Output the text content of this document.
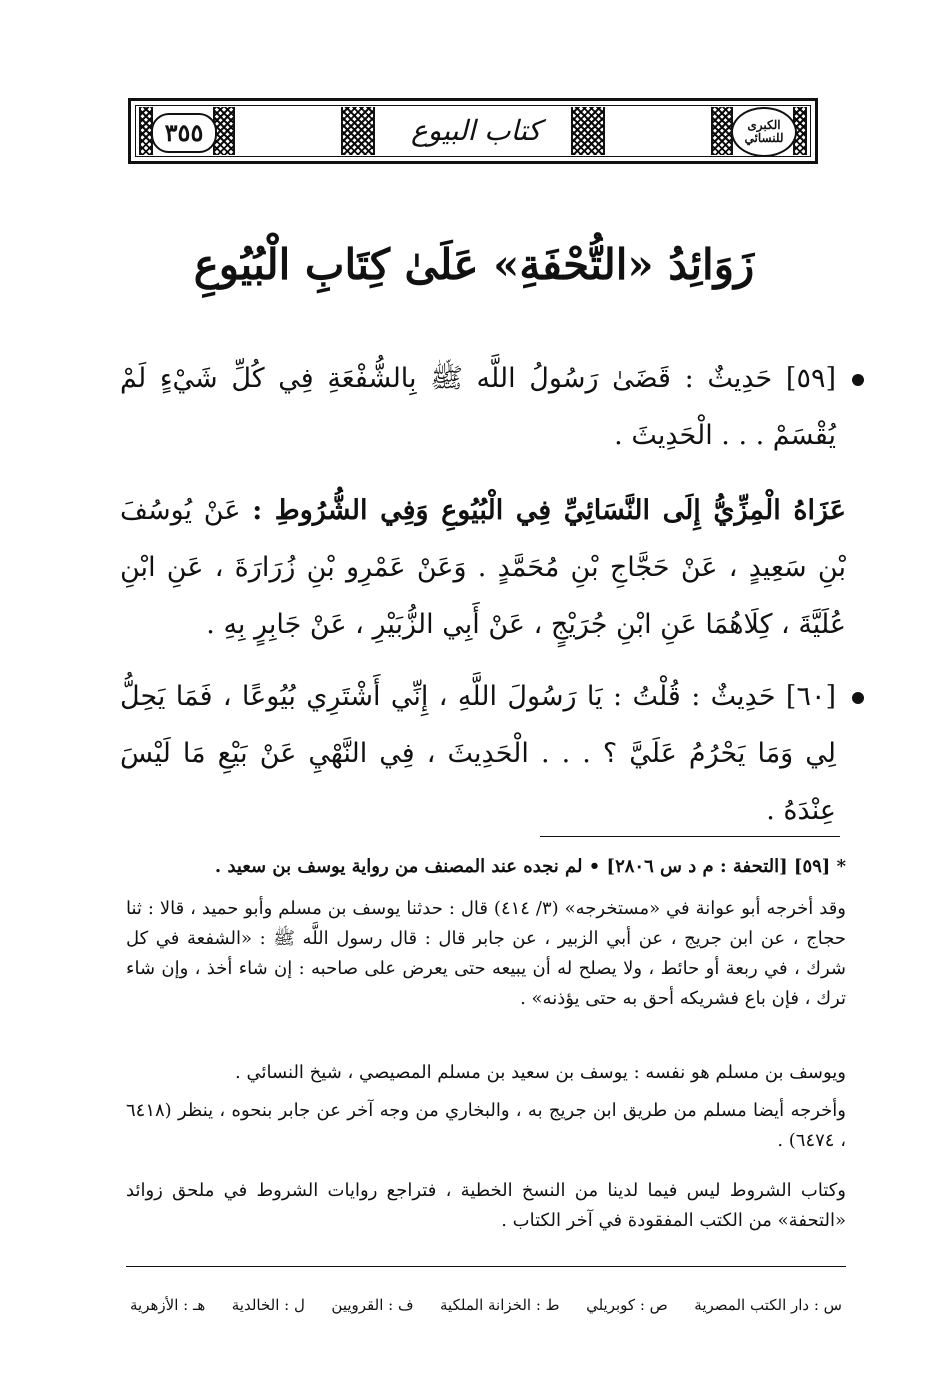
٣٥٥	كتاب البيوع	الكبرى للنسائي
زَوَائِدُ «التُّحْفَةِ» عَلَىٰ كِتَابِ الْبُيُوعِ
[٥٩] حَدِيثٌ : قَضَىٰ رَسُولُ اللَّه ﷺ بِالشُّفْعَةِ فِي كُلِّ شَيْءٍ لَمْ يُقْسَمْ . . . الْحَدِيثَ .
عَزَاهُ الْمِزِّيُّ إِلَى النَّسَائِيِّ فِي الْبُيُوعِ وَفِي الشُّرُوطِ : عَنْ يُوسُفَ بْنِ سَعِيدٍ ، عَنْ حَجَّاجِ بْنِ مُحَمَّدٍ . وَعَنْ عَمْرِو بْنِ زُرَارَةَ ، عَنِ ابْنِ عُلَيَّةَ ، كِلَاهُمَا عَنِ ابْنِ جُرَيْجٍ ، عَنْ أَبِي الزُّبَيْرِ ، عَنْ جَابِرٍ بِهِ .
[٦٠] حَدِيثٌ : قُلْتُ : يَا رَسُولَ اللَّهِ ، إِنِّي أَشْتَرِي بُيُوعًا ، فَمَا يَحِلُّ لِي وَمَا يَحْرُمُ عَلَيَّ ؟ . . . الْحَدِيثَ ، فِي النَّهْيِ عَنْ بَيْعِ مَا لَيْسَ عِنْدَهُ .
* [٥٩] [التحفة : م د س ٢٨٠٦] • لم نجده عند المصنف من رواية يوسف بن سعيد .
وقد أخرجه أبو عوانة في «مستخرجه» (٣/ ٤١٤) قال : حدثنا يوسف بن مسلم وأبو حميد ، قالا : ثنا حجاج ، عن ابن جريج ، عن أبي الزبير ، عن جابر قال : قال رسول اللَّه ﷺ : «الشفعة في كل شرك ، في ربعة أو حائط ، ولا يصلح له أن يبيعه حتى يعرض على صاحبه : إن شاء أخذ ، وإن شاء ترك ، فإن باع فشريكه أحق به حتى يؤذنه» .
ويوسف بن مسلم هو نفسه : يوسف بن سعيد بن مسلم المصيصي ، شيخ النسائي .
وأخرجه أيضا مسلم من طريق ابن جريج به ، والبخاري من وجه آخر عن جابر بنحوه ، ينظر (٦٤١٨ ، ٦٤٧٤) .
وكتاب الشروط ليس فيما لدينا من النسخ الخطية ، فتراجع روايات الشروط في ملحق زوائد «التحفة» من الكتب المفقودة في آخر الكتاب .
س : دار الكتب المصرية
ص : كوبريلي
ط : الخزانة الملكية
ف : القرويين
ل : الخالدية
هـ : الأزهرية
